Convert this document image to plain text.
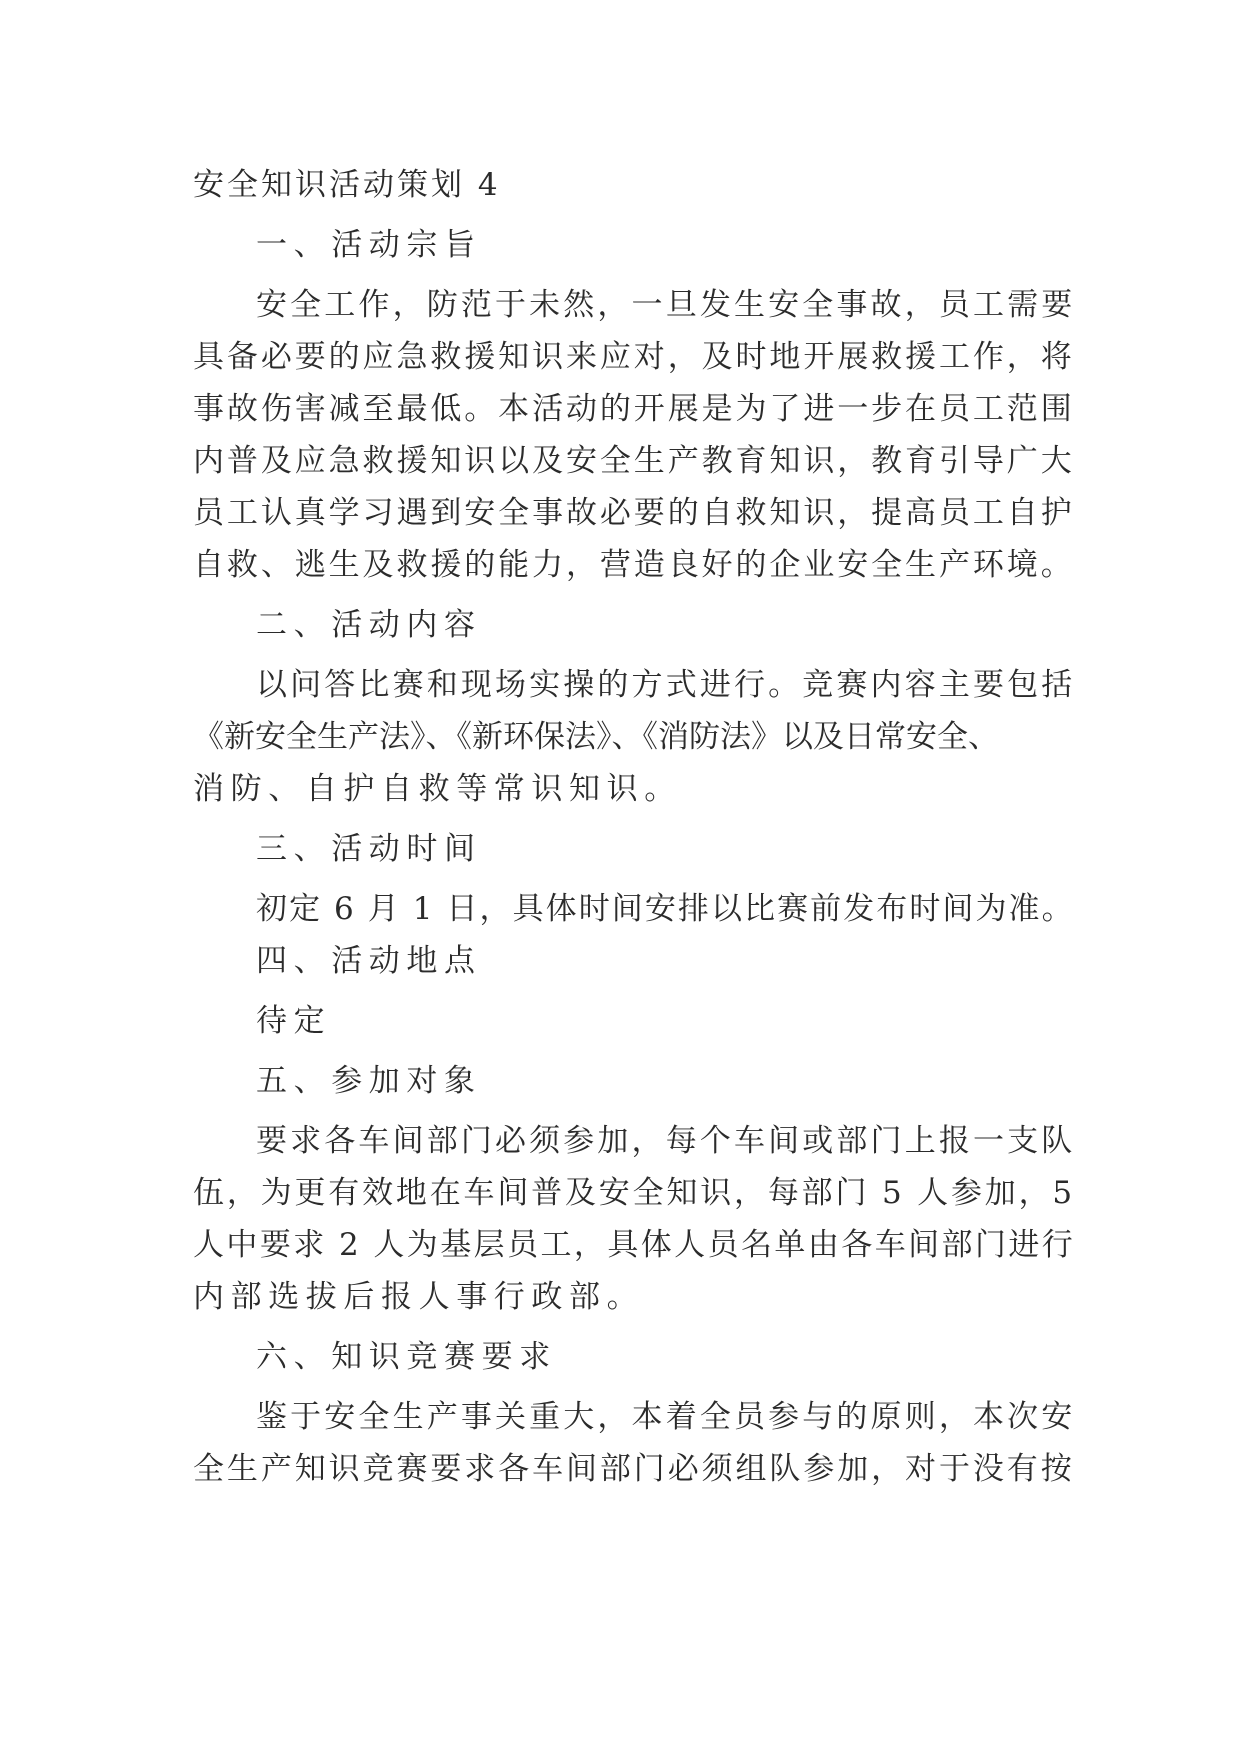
安全知识活动策划 4
一、活动宗旨
安全工作，防范于未然，一旦发生安全事故，员工需要
具备必要的应急救援知识来应对，及时地开展救援工作，将
事故伤害减至最低。本活动的开展是为了进一步在员工范围
内普及应急救援知识以及安全生产教育知识，教育引导广大
员工认真学习遇到安全事故必要的自救知识，提高员工自护
自救、逃生及救援的能力，营造良好的企业安全生产环境。
二、活动内容
以问答比赛和现场实操的方式进行。竞赛内容主要包括
《新安全生产法》、《新环保法》、《消防法》以及日常安全、
消防、自护自救等常识知识。
三、活动时间
初定 6 月 1 日，具体时间安排以比赛前发布时间为准。
四、活动地点
待定
五、参加对象
要求各车间部门必须参加，每个车间或部门上报一支队
伍，为更有效地在车间普及安全知识，每部门 5 人参加，5
人中要求 2 人为基层员工，具体人员名单由各车间部门进行
内部选拔后报人事行政部。
六、知识竞赛要求
鉴于安全生产事关重大，本着全员参与的原则，本次安
全生产知识竞赛要求各车间部门必须组队参加，对于没有按
